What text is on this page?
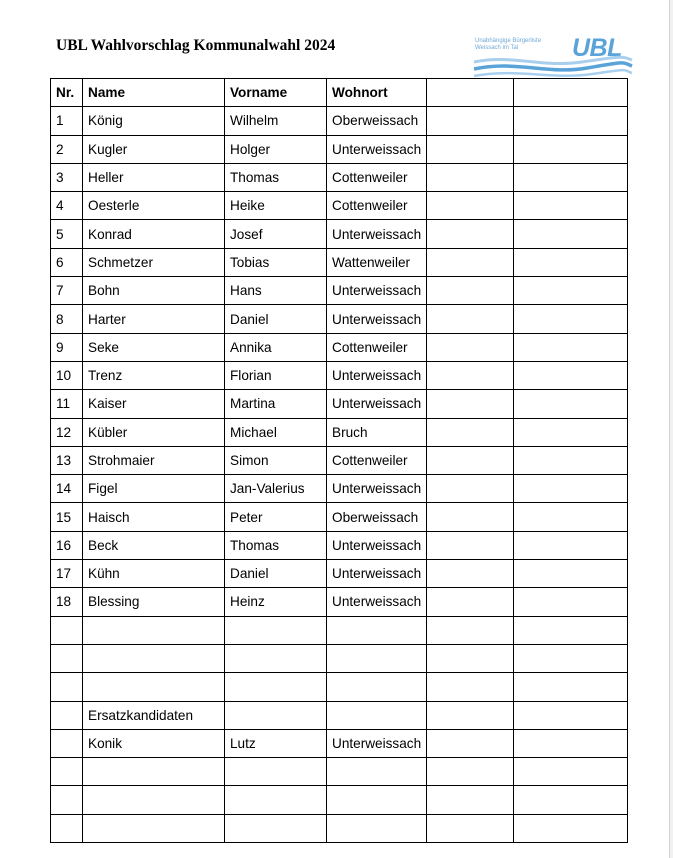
UBL Wahlvorschlag Kommunalwahl 2024	Unabhängige Bürgerliste
Weissach im Tal	UBL
Nr.	Name	Vorname	Wohnort		
1	König	Wilhelm	Oberweissach		
2	Kugler	Holger	Unterweissach		
3	Heller	Thomas	Cottenweiler		
4	Oesterle	Heike	Cottenweiler		
5	Konrad	Josef	Unterweissach		
6	Schmetzer	Tobias	Wattenweiler		
7	Bohn	Hans	Unterweissach		
8	Harter	Daniel	Unterweissach		
9	Seke	Annika	Cottenweiler		
10	Trenz	Florian	Unterweissach		
11	Kaiser	Martina	Unterweissach		
12	Kübler	Michael	Bruch		
13	Strohmaier	Simon	Cottenweiler		
14	Figel	Jan-Valerius	Unterweissach		
15	Haisch	Peter	Oberweissach		
16	Beck	Thomas	Unterweissach		
17	Kühn	Daniel	Unterweissach		
18	Blessing	Heinz	Unterweissach		

	Ersatzkandidaten				
	Konik	Lutz	Unterweissach		
